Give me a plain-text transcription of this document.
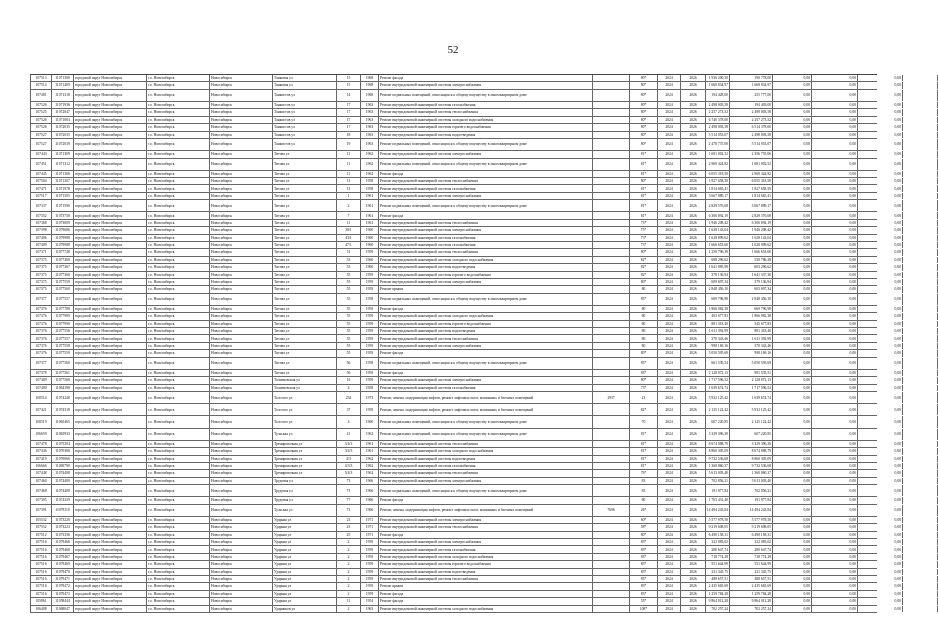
52
107513	11071300	городской округ Новосибирск	г.о. Новосибирск	Новосибирск	Танковая ул	15	1968	Ремонт фасада	80*	2024	2026	1 936 200,50	190 778,00	0,00	0,00	0,00
107514	11071409	городской округ Новосибирск	г.о. Новосибирск	Новосибирск	Танковая ул	15	1968	Ремонт внутридомовой инженерной системы электроснабжения	80*	2024	2026	1 668 834,97	1 668 834,97	0,00	0,00	0,00
107481	11071318	городской округ Новосибирск	г.о. Новосибирск	Новосибирск	Танкистов ул	14	1968	Ремонт подвальных помещений, относящихся к общему имуществу в многоквартирном доме	80*	2024	2026	194 428,00	255 777,00	0,00	0,00	0,00
107526	11071936	городской округ Новосибирск	г.о. Новосибирск	Новосибирск	Танкистов ул	17	1963	Ремонт внутридомовой инженерной системы газоснабжения	80*	2024	2026	2 498 003,58	194 403,00	0,00	0,00	0,00
107525	11072047	городской округ Новосибирск	г.о. Новосибирск	Новосибирск	Танкистов ул	17	1963	Ремонт внутридомовой инженерной системы теплоснабжения	80*	2024	2026	2 257 273,52	2 498 003,58	0,00	0,00	0,00
107526	11071004	городской округ Новосибирск	г.о. Новосибирск	Новосибирск	Танкистов ул	17	1963	Ремонт внутридомовой инженерной системы холодного водоснабжения	80*	2024	2026	6 740 378,00	2 257 273,52	0,00	0,00	0,00
107526	11072035	городской округ Новосибирск	г.о. Новосибирск	Новосибирск	Танкистов ул	17	1963	Ремонт внутридомовой инженерной системы горячего водоснабжения	80*	2024	2026	2 498 003,58	6 514 378,00	0,00	0,00	0,00
107527	11072035	городской округ Новосибирск	г.о. Новосибирск	Новосибирск	Танкистов ул	18	1963	Ремонт внутридомовой инженерной системы водоотведения	80*	2024	2026	5 514 053,07	2 498 003,58	0,00	0,00	0,00
107527	11072039	городской округ Новосибирск	г.о. Новосибирск	Новосибирск	Танкистов ул	19	1963	Ремонт подвальных помещений, относящихся к общему имуществу в многоквартирном доме	80*	2024	2026	2 478 737,00	5 514 053,07	0,00	0,00	0,00
107443	11071309	городской округ Новосибирск	г.о. Новосибирск	Новосибирск	Титова ул	11	1962	Ремонт внутридомовой инженерной системы электроснабжения	81*	2024	2026	1 681 002,52	2 356 755,06	0,00	0,00	0,00
107451	11071312	городской округ Новосибирск	г.о. Новосибирск	Новосибирск	Титова ул	11	1962	Ремонт подвальных помещений, относящихся к общему имуществу в многоквартирном доме	81*	2024	2026	2 969 424,82	1 681 002,52	0,00	0,00	0,00
107445	11071306	городской округ Новосибирск	г.о. Новосибирск	Новосибирск	Титова ул	11	1962	Ремонт фасада	81*	2024	2026	6 055 318,50	2 969 424,82	0,00	0,00	0,00
107504	11071307	городской округ Новосибирск	г.о. Новосибирск	Новосибирск	Титова ул	13	1958	Ремонт внутридомовой инженерной системы теплоснабжения	80*	2024	2026	1 827 658,50	6 055 318,50	0,00	0,00	0,00
107471	11071978	городской округ Новосибирск	г.о. Новосибирск	Новосибирск	Титова ул	13	1958	Ремонт внутридомовой инженерной системы газоснабжения	81*	2024	2026	1 814 665,41	1 827 658,50	0,00	0,00	0,00
107517	11071505	городской округ Новосибирск	г.о. Новосибирск	Новосибирск	Титова ул	1	1961	Ремонт внутридомовой инженерной системы электроснабжения	81*	2024	2026	3 667 889,17	1 814 665,41	0,00	0,00	0,00
107337	11071590	городской округ Новосибирск	г.о. Новосибирск	Новосибирск	Титова ул	2	1961	Ремонт подвальных помещений, относящихся к общему имуществу в многоквартирном доме	81*	2024	2026	2 829 576,68	3 667 889,17	0,00	0,00	0,00
107352	11073758	городской округ Новосибирск	г.о. Новосибирск	Новосибирск	Титова ул	7	1961	Ремонт фасада	81*	2024	2026	6 306 092,19	2 829 576,68	0,00	0,00	0,00
107368	11073009	городской округ Новосибирск	г.о. Новосибирск	Новосибирск	Титова ул	11	1961	Ремонт внутридомовой инженерной системы теплоснабжения	73*	2024	2026	1 946 208,42	6 306 092,19	0,00	0,00	0,00
107398	11079686	городской округ Новосибирск	г.о. Новосибирск	Новосибирск	Титова ул	38/1	1960	Ремонт внутридомовой инженерной системы электроснабжения	75*	2024	2026	1 628 143,04	1 946 208,42	0,00	0,00	0,00
107406	11079988	городской округ Новосибирск	г.о. Новосибирск	Новосибирск	Титова ул	43/1	1960	Ремонт внутридомовой инженерной системы газоснабжения	73*	2024	2026	1 628 099,62	1 628 143,04	0,00	0,00	0,00
107409	11079988	городской округ Новосибирск	г.о. Новосибирск	Новосибирск	Титова ул	47/1	1960	Ремонт внутридомовой инженерной системы газоснабжения	73*	2024	2026	1 666 653,60	1 628 099,62	0,00	0,00	0,00
107371	11077748	городской округ Новосибирск	г.о. Новосибирск	Новосибирск	Титова ул	51	1959	Ремонт внутридомовой инженерной системы теплоснабжения	80*	2024	2026	1 258 796,39	1 666 653,60	0,00	0,00	0,00
107375	11077360	городской округ Новосибирск	г.о. Новосибирск	Новосибирск	Титова ул	53	1960	Ремонт внутридомовой инженерной системы холодного водоснабжения	82*	2024	2026	688 296,62	530 786,38	0,00	0,00	0,00
107375	11077367	городской округ Новосибирск	г.о. Новосибирск	Новосибирск	Титова ул	53	1960	Ремонт внутридомовой инженерной системы водоотведения	82*	2024	2026	1 641 885,98	603 296,62	0,00	0,00	0,00
107375	11077368	городской округ Новосибирск	г.о. Новосибирск	Новосибирск	Титова ул	55	1959	Ремонт внутридомовой инженерной системы горячего водоснабжения	82*	2024	2026	378 136,94	1 641 337,30	0,00	0,00	0,00
107375	11077559	городской округ Новосибирск	г.о. Новосибирск	Новосибирск	Титова ул	55	1959	Ремонт внутридомовой инженерной системы электроснабжения	80*	2024	2026	609 697,34	379 136,94	0,00	0,00	0,00
107375	11077560	городской округ Новосибирск	г.о. Новосибирск	Новосибирск	Титова ул	55	1959	Ремонт крыши	80	2024	2026	2 848 456,10	603 697,34	0,00	0,00	0,00
107377	11077557	городской округ Новосибирск	г.о. Новосибирск	Новосибирск	Титова ул	55	1958	Ремонт подвальных помещений, относящихся к общему имуществу в многоквартирном доме	83*	2024	2026	669 796,98	2 848 456,10	0,00	0,00	0,00
107376	11077788	городской округ Новосибирск	г.о. Новосибирск	Новосибирск	Титова ул	55	1959	Ремонт фасада	80	2024	2026	1 866 082,38	669 796,98	0,00	0,00	0,00
107376	11077989	городской округ Новосибирск	г.о. Новосибирск	Новосибирск	Титова ул	55	1959	Ремонт внутридомовой инженерной системы холодного водоснабжения	80	2024	2026	403 677,83	1 866 082,38	0,00	0,00	0,00
107376	11077990	городской округ Новосибирск	г.о. Новосибирск	Новосибирск	Титова ул	55	1959	Ремонт внутридомовой инженерной системы горячего водоснабжения	80	2024	2026	881 318,40	545 677,83	0,00	0,00	0,00
107376	11077556	городской округ Новосибирск	г.о. Новосибирск	Новосибирск	Титова ул	55	1959	Ремонт внутридомовой инженерной системы водоотведения	80	2024	2026	1 611 392,99	881 318,40	0,00	0,00	0,00
107376	11077557	городской округ Новосибирск	г.о. Новосибирск	Новосибирск	Титова ул	55	1959	Ремонт внутридомовой инженерной системы теплоснабжения	80	2024	2026	370 343,46	1 611 392,99	0,00	0,00	0,00
107376	11077558	городской округ Новосибирск	г.о. Новосибирск	Новосибирск	Титова ул	55	1959	Ремонт внутридомовой инженерной системы электроснабжения	80	2024	2026	998 169,16	370 343,46	0,00	0,00	0,00
107376	11077559	городской округ Новосибирск	г.о. Новосибирск	Новосибирск	Титова ул	55	1959	Ремонт фасада	80*	2024	2026	5 050 595,69	998 169,16	0,00	0,00	0,00
107377	11077560	городской округ Новосибирск	г.о. Новосибирск	Новосибирск	Титова ул	56	1958	Ремонт подвальных помещений, относящихся к общему имуществу в многоквартирном доме	83*	2024	2026	661 539,54	5 050 595,69	0,00	0,00	0,00
107378	11077561	городской округ Новосибирск	г.о. Новосибирск	Новосибирск	Титова ул	56	1959	Ремонт фасада	83*	2024	2026	2 128 072,13	981 535,51	0,00	0,00	0,00
107409	11077568	городской округ Новосибирск	г.о. Новосибирск	Новосибирск	Толмачевская ул	1б	1959	Ремонт внутридомовой инженерной системы электроснабжения	80*	2024	2026	1 717 596,52	2 128 072,13	0,00	0,00	0,00
107400	11064198	городской округ Новосибирск	г.о. Новосибирск	Новосибирск	Толмачевская ул	4	1958	Ремонт внутридомовой инженерной системы газоснабжения	73*	2024	2026	1 639 674,74	1 717 596,52	0,00	0,00	0,00
100514	11074248	городской округ Новосибирск	г.о. Новосибирск	Новосибирск	Толстого ул	234	1973	Ремонт, замена, модернизация лифтов, ремонт лифтовых шахт, машинных и блочных помещений	2937	23	2024	2026	5 932 125,42	1 639 674,74	0,00	0,00	0,00
107421	11074318	городской округ Новосибирск	г.о. Новосибирск	Новосибирск	Толстого ул	37	1959	Ремонт, замена, модернизация лифтов, ремонт лифтовых шахт, машинных и блочных помещений	82*	2024	2026	2 125 122,42	5 932 125,42	0,00	0,00	0,00
100519	11065465	городской округ Новосибирск	г.о. Новосибирск	Новосибирск	Толстого ул	4	1960	Ремонт подвальных помещений, относящихся к общему имуществу в многоквартирном доме	70	2024	2026	607 220,85	2 125 122,42	0,00	0,00	0,00
106659	11065933	городской округ Новосибирск	г.о. Новосибирск	Новосибирск	Тульская ул	41	1962	Ремонт подвальных помещений, относящихся к общему имуществу в многоквартирном доме	81*	2024	2026	3 329 396,30	607 220,85	0,00	0,00	0,00
107478	11075304	городской округ Новосибирск	г.о. Новосибирск	Новосибирск	Тренировочная ул	3/4/3	1961	Ремонт внутридомовой инженерной системы теплоснабжения	81*	2024	2026	8 674 088,79	3 329 396,30	0,00	0,00	0,00
107436	11070368	городской округ Новосибирск	г.о. Новосибирск	Новосибирск	Тренировочная ул	3/4/3	1961	Ремонт внутридомовой инженерной системы холодного водоснабжения	81*	2024	2026	8 860 305,09	8 674 088,79	0,00	0,00	0,00
107419	11070066	городской округ Новосибирск	г.о. Новосибирск	Новосибирск	Тренировочная ул	4/3	1962	Ремонт внутридомовой инженерной системы водоотведения	81*	2024	2026	9 732 536,68	8 860 305,09	0,00	0,00	0,00
106666	11069790	городской округ Новосибирск	г.о. Новосибирск	Новосибирск	Тренировочная ул	4/3/3	1962	Ремонт внутридомовой инженерной системы газоснабжения	81*	2024	2026	1 360 860,37	9 732 536,68	0,00	0,00	0,00
107448	11074408	городской округ Новосибирск	г.о. Новосибирск	Новосибирск	Тренировочная ул	5/4/3	1962	Ремонт внутридомовой инженерной системы теплоснабжения	76*	2024	2026	5 613 003,40	1 360 860,37	0,00	0,00	0,00
107460	11074400	городской округ Новосибирск	г.о. Новосибирск	Новосибирск	Трудовая ул	73	1966	Ремонт внутридомовой инженерной системы электроснабжения	83	2024	2026	702 856,21	5 613 003,40	0,00	0,00	0,00
107468	11074408	городской округ Новосибирск	г.о. Новосибирск	Новосибирск	Трудовая ул	73	1966	Ремонт подвальных помещений, относящихся к общему имуществу в многоквартирном доме	83	2024	2026	191 977,84	702 856,21	0,00	0,00	0,00
107395	11074329	городской округ Новосибирск	г.о. Новосибирск	Новосибирск	Трудовая ул	77	1966	Ремонт фасада	80	2024	2026	1 763 431,40	191 977,84	0,00	0,00	0,00
107391	11078110	городской округ Новосибирск	г.о. Новосибирск	Новосибирск	Тульская ул	73	1966	Ремонт, замена, модернизация лифтов, ремонт лифтовых шахт, машинных и блочных помещений	7696	26*	2024	2026	14 494 243,84	14 494 243,84	0,00	0,00	0,00
105532	11073220	городской округ Новосибирск	г.о. Новосибирск	Новосибирск	Ударная ул	23	1971	Ремонт внутридомовой инженерной системы электроснабжения	60*	2024	2026	5 577 978,50	5 577 978,50	0,00	0,00	0,00
107552	11073223	городской округ Новосибирск	г.о. Новосибирск	Новосибирск	Ударная ул	23	1971	Ремонт внутридомовой инженерной системы теплоснабжения	58*	2024	2026	9 219 608,05	9 219 608,05	0,00	0,00	0,00
107512	11073336	городской округ Новосибирск	г.о. Новосибирск	Новосибирск	Ударная ул	25	1971	Ремонт фасада	80*	2024	2026	6 490 158,31	6 490 158,31	0,00	0,00	0,00
107516	11079466	городской округ Новосибирск	г.о. Новосибирск	Новосибирск	Ударная ул	2	1959	Ремонт внутридомовой инженерной системы электроснабжения	83*	2024	2026	322 083,02	322 083,02	0,00	0,00	0,00
107516	11079468	городской округ Новосибирск	г.о. Новосибирск	Новосибирск	Ударная ул	2	1959	Ремонт внутридомовой инженерной системы газоснабжения	83*	2024	2026	280 647,74	280 647,74	0,00	0,00	0,00
107516	11079467	городской округ Новосибирск	г.о. Новосибирск	Новосибирск	Ударная ул	2	1959	Ремонт внутридомовой инженерной системы холодного водоснабжения	83*	2024	2026	718 774,28	718 774,28	0,00	0,00	0,00
107516	11079469	городской округ Новосибирск	г.о. Новосибирск	Новосибирск	Ударная ул	2	1959	Ремонт внутридомовой инженерной системы горячего водоснабжения	83*	2024	2026	551 644,99	551 644,99	0,00	0,00	0,00
107516	11079470	городской округ Новосибирск	г.о. Новосибирск	Новосибирск	Ударная ул	2	1959	Ремонт внутридомовой инженерной системы водоотведения	83*	2024	2026	231 345,75	231 345,75	0,00	0,00	0,00
107516	11079471	городской округ Новосибирск	г.о. Новосибирск	Новосибирск	Ударная ул	2	1959	Ремонт внутридомовой инженерной системы теплоснабжения	83*	2024	2026	488 657,51	488 657,51	0,00	0,00	0,00
107516	11079472	городской округ Новосибирск	г.о. Новосибирск	Новосибирск	Ударная ул	2	1959	Ремонт крыши	83*	2024	2026	2 435 665,69	2 435 665,69	0,00	0,00	0,00
107516	11079473	городской округ Новосибирск	г.о. Новосибирск	Новосибирск	Ударная ул	2	1959	Ремонт фасада	83*	2024	2026	1 259 784,28	1 259 784,28	0,00	0,00	0,00
105861	11058444	городской округ Новосибирск	г.о. Новосибирск	Новосибирск	Ударная ул	11	1954	Ремонт фасада	53*	2024	2026	9 864 012,28	9 864 012,28	0,00	0,00	0,00
106408	11068047	городской округ Новосибирск	г.о. Новосибирск	Новосибирск	Ударников ул	2	1963	Ремонт внутридомовой инженерной системы холодного водоснабжения	108*	2024	2026	702 257,24	702 257,24	0,00	0,00	0,00
